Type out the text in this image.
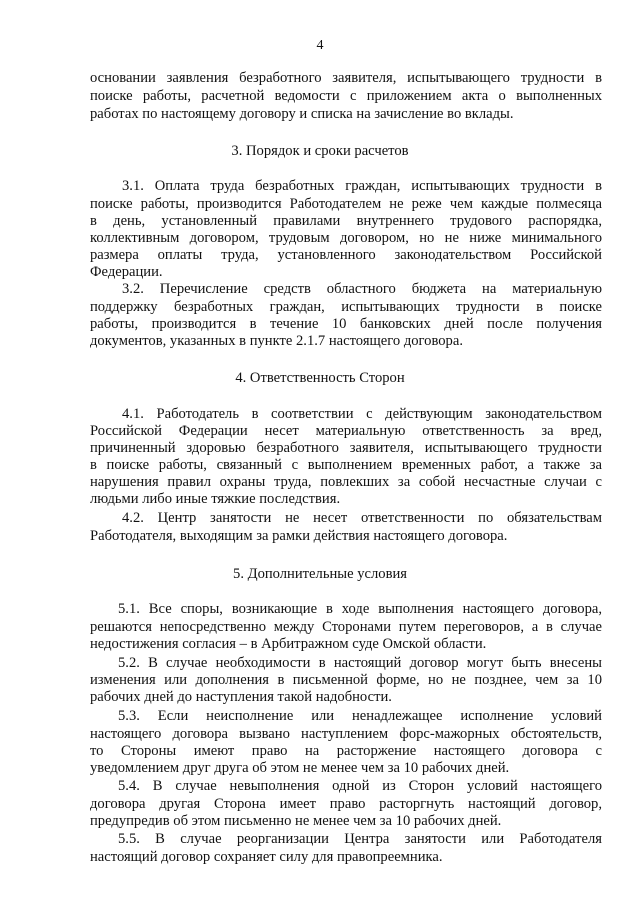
4
основании заявления безработного заявителя, испытывающего трудности в
поиске работы, расчетной ведомости с приложением акта о выполненных
работах по настоящему договору и списка на зачисление во вклады.
3. Порядок и сроки расчетов
3.1. Оплата труда безработных граждан, испытывающих трудности в
поиске работы, производится Работодателем не реже чем каждые полмесяца
в день, установленный правилами внутреннего трудового распорядка,
коллективным договором, трудовым договором, но не ниже минимального
размера оплаты труда, установленного законодательством Российской
Федерации.
3.2. Перечисление средств областного бюджета на материальную
поддержку безработных граждан, испытывающих трудности в поиске
работы, производится в течение 10 банковских дней после получения
документов, указанных в пункте 2.1.7 настоящего договора.
4. Ответственность Сторон
4.1. Работодатель в соответствии с действующим законодательством
Российской Федерации несет материальную ответственность за вред,
причиненный здоровью безработного заявителя, испытывающего трудности
в поиске работы, связанный с выполнением временных работ, а также за
нарушения правил охраны труда, повлекших за собой несчастные случаи с
людьми либо иные тяжкие последствия.
4.2. Центр занятости не несет ответственности по обязательствам
Работодателя, выходящим за рамки действия настоящего договора.
5. Дополнительные условия
5.1. Все споры, возникающие в ходе выполнения настоящего договора,
решаются непосредственно между Сторонами путем переговоров, а в случае
недостижения согласия – в Арбитражном суде Омской области.
5.2. В случае необходимости в настоящий договор могут быть внесены
изменения или дополнения в письменной форме, но не позднее, чем за 10
рабочих дней до наступления такой надобности.
5.3. Если неисполнение или ненадлежащее исполнение условий
настоящего договора вызвано наступлением форс-мажорных обстоятельств,
то Стороны имеют право на расторжение настоящего договора с
уведомлением друг друга об этом не менее чем за 10 рабочих дней.
5.4. В случае невыполнения одной из Сторон условий настоящего
договора другая Сторона имеет право расторгнуть настоящий договор,
предупредив об этом письменно не менее чем за 10 рабочих дней.
5.5. В случае реорганизации Центра занятости или Работодателя
настоящий договор сохраняет силу для правопреемника.
